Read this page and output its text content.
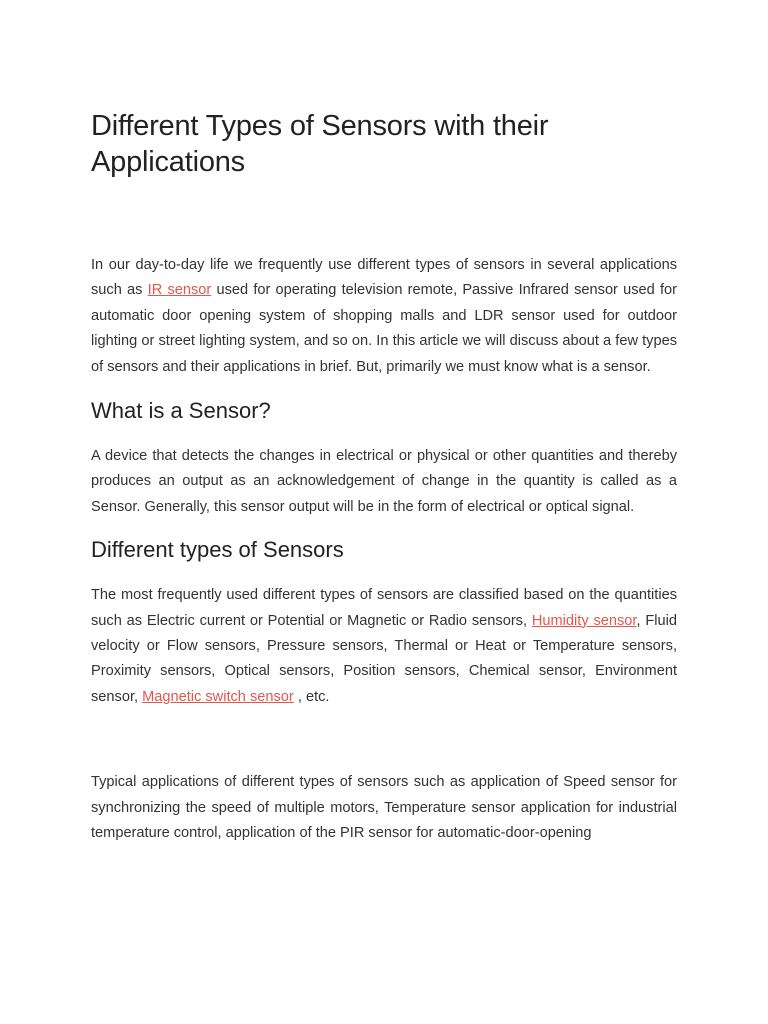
Different Types of Sensors with their Applications

In our day-to-day life we frequently use different types of sensors in several applications such as IR sensor used for operating television remote, Passive Infrared sensor used for automatic door opening system of shopping malls and LDR sensor used for outdoor lighting or street lighting system, and so on. In this article we will discuss about a few types of sensors and their applications in brief. But, primarily we must know what is a sensor.

What is a Sensor?

A device that detects the changes in electrical or physical or other quantities and thereby produces an output as an acknowledgement of change in the quantity is called as a Sensor. Generally, this sensor output will be in the form of electrical or optical signal.

Different types of Sensors

The most frequently used different types of sensors are classified based on the quantities such as Electric current or Potential or Magnetic or Radio sensors, Humidity sensor, Fluid velocity or Flow sensors, Pressure sensors, Thermal or Heat or Temperature sensors, Proximity sensors, Optical sensors, Position sensors, Chemical sensor, Environment sensor, Magnetic switch sensor , etc.

Typical applications of different types of sensors such as application of Speed sensor for synchronizing the speed of multiple motors, Temperature sensor application for industrial temperature control, application of the PIR sensor for automatic-door-opening
